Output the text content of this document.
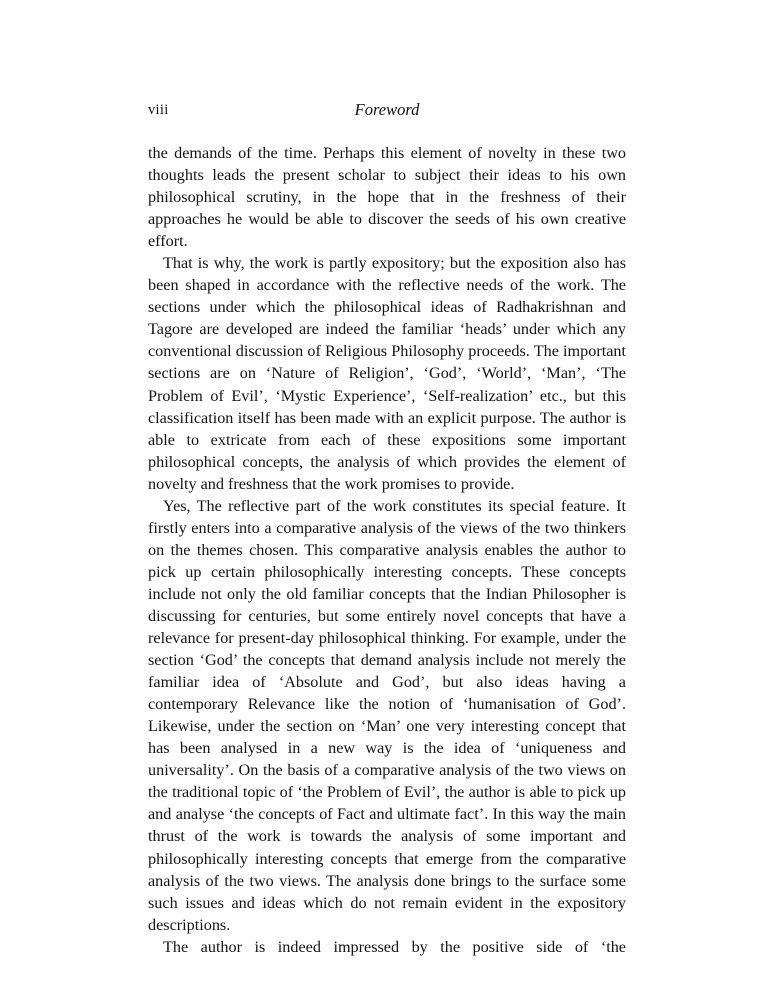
viii	Foreword

the demands of the time. Perhaps this element of novelty in these two thoughts leads the present scholar to subject their ideas to his own philosophical scrutiny, in the hope that in the freshness of their approaches he would be able to discover the seeds of his own creative effort.

That is why, the work is partly expository; but the exposition also has been shaped in accordance with the reflective needs of the work. The sections under which the philosophical ideas of Radhakrishnan and Tagore are developed are indeed the familiar ‘heads’ under which any conventional discussion of Religious Philosophy proceeds. The important sections are on ‘Nature of Religion’, ‘God’, ‘World’, ‘Man’, ‘The Problem of Evil’, ‘Mystic Experience’, ‘Self-realization’ etc., but this classification itself has been made with an explicit purpose. The author is able to extricate from each of these expositions some important philosophical concepts, the analysis of which provides the element of novelty and freshness that the work promises to provide.

Yes, The reflective part of the work constitutes its special feature. It firstly enters into a comparative analysis of the views of the two thinkers on the themes chosen. This comparative analysis enables the author to pick up certain philosophically interesting concepts. These concepts include not only the old familiar concepts that the Indian Philosopher is discussing for centuries, but some entirely novel concepts that have a relevance for present-day philosophical thinking. For example, under the section ‘God’ the concepts that demand analysis include not merely the familiar idea of ‘Absolute and God’, but also ideas having a contemporary Relevance like the notion of ‘humanisation of God’. Likewise, under the section on ‘Man’ one very interesting concept that has been analysed in a new way is the idea of ‘uniqueness and universality’. On the basis of a comparative analysis of the two views on the traditional topic of ‘the Problem of Evil’, the author is able to pick up and analyse ‘the concepts of Fact and ultimate fact’. In this way the main thrust of the work is towards the analysis of some important and philosophically interesting concepts that emerge from the comparative analysis of the two views. The analysis done brings to the surface some such issues and ideas which do not remain evident in the expository descriptions.

The author is indeed impressed by the positive side of ‘the
